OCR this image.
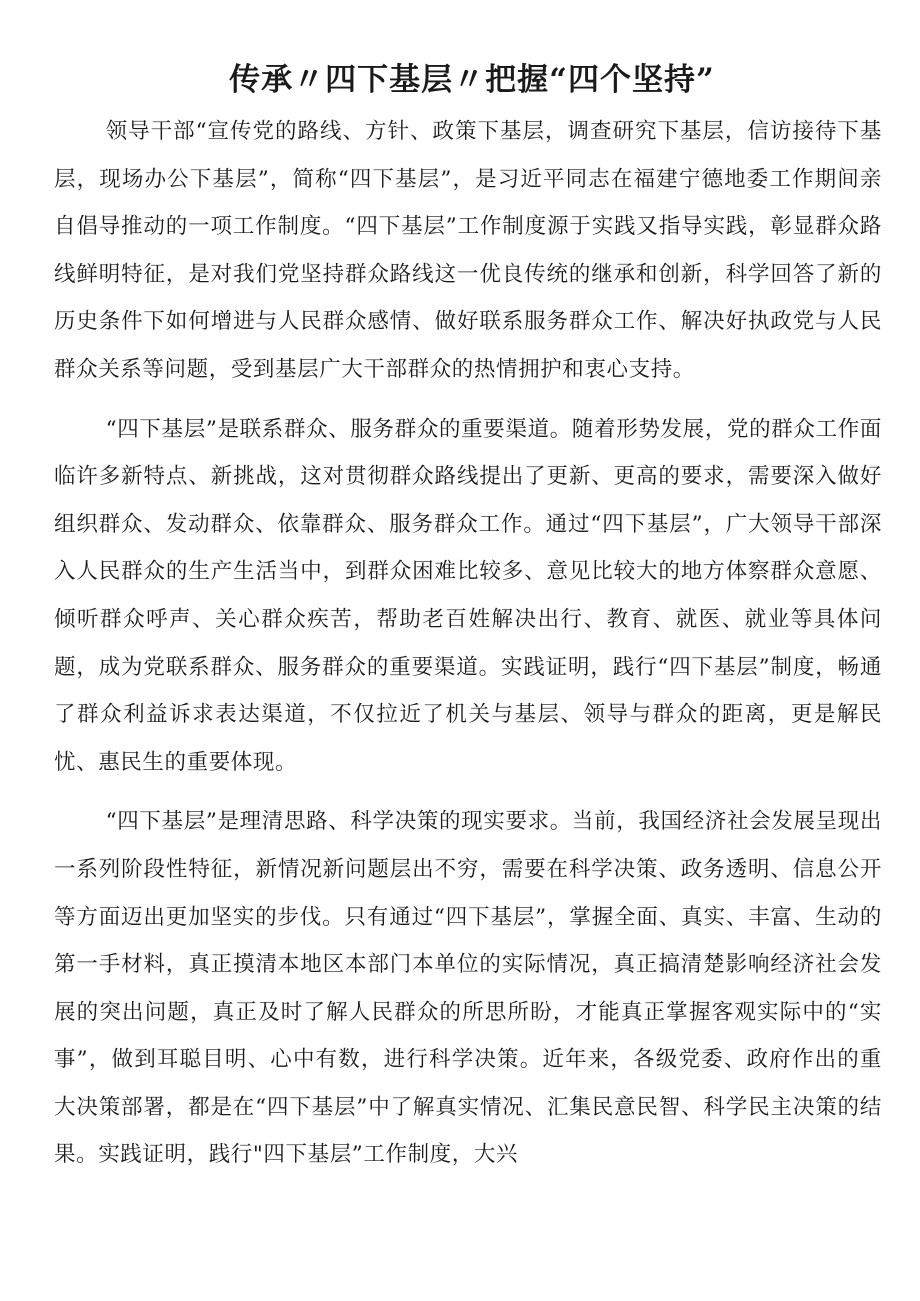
传承〃四下基层〃把握“四个坚持”

领导干部“宣传党的路线、方针、政策下基层，调查研究下基层，信访接待下基层，现场办公下基层”，简称“四下基层”，是习近平同志在福建宁德地委工作期间亲自倡导推动的一项工作制度。“四下基层”工作制度源于实践又指导实践，彰显群众路线鲜明特征，是对我们党坚持群众路线这一优良传统的继承和创新，科学回答了新的历史条件下如何增进与人民群众感情、做好联系服务群众工作、解决好执政党与人民群众关系等问题，受到基层广大干部群众的热情拥护和衷心支持。

“四下基层”是联系群众、服务群众的重要渠道。随着形势发展，党的群众工作面临许多新特点、新挑战，这对贯彻群众路线提出了更新、更高的要求，需要深入做好组织群众、发动群众、依靠群众、服务群众工作。通过“四下基层”，广大领导干部深入人民群众的生产生活当中，到群众困难比较多、意见比较大的地方体察群众意愿、倾听群众呼声、关心群众疾苦，帮助老百姓解决出行、教育、就医、就业等具体问题，成为党联系群众、服务群众的重要渠道。实践证明，践行“四下基层”制度，畅通了群众利益诉求表达渠道，不仅拉近了机关与基层、领导与群众的距离，更是解民忧、惠民生的重要体现。

“四下基层”是理清思路、科学决策的现实要求。当前，我国经济社会发展呈现出一系列阶段性特征，新情况新问题层出不穷，需要在科学决策、政务透明、信息公开等方面迈出更加坚实的步伐。只有通过“四下基层”，掌握全面、真实、丰富、生动的第一手材料，真正摸清本地区本部门本单位的实际情况，真正搞清楚影响经济社会发展的突出问题，真正及时了解人民群众的所思所盼，才能真正掌握客观实际中的“实事”，做到耳聪目明、心中有数，进行科学决策。近年来，各级党委、政府作出的重大决策部署，都是在“四下基层”中了解真实情况、汇集民意民智、科学民主决策的结果。实践证明，践行"四下基层”工作制度，大兴
